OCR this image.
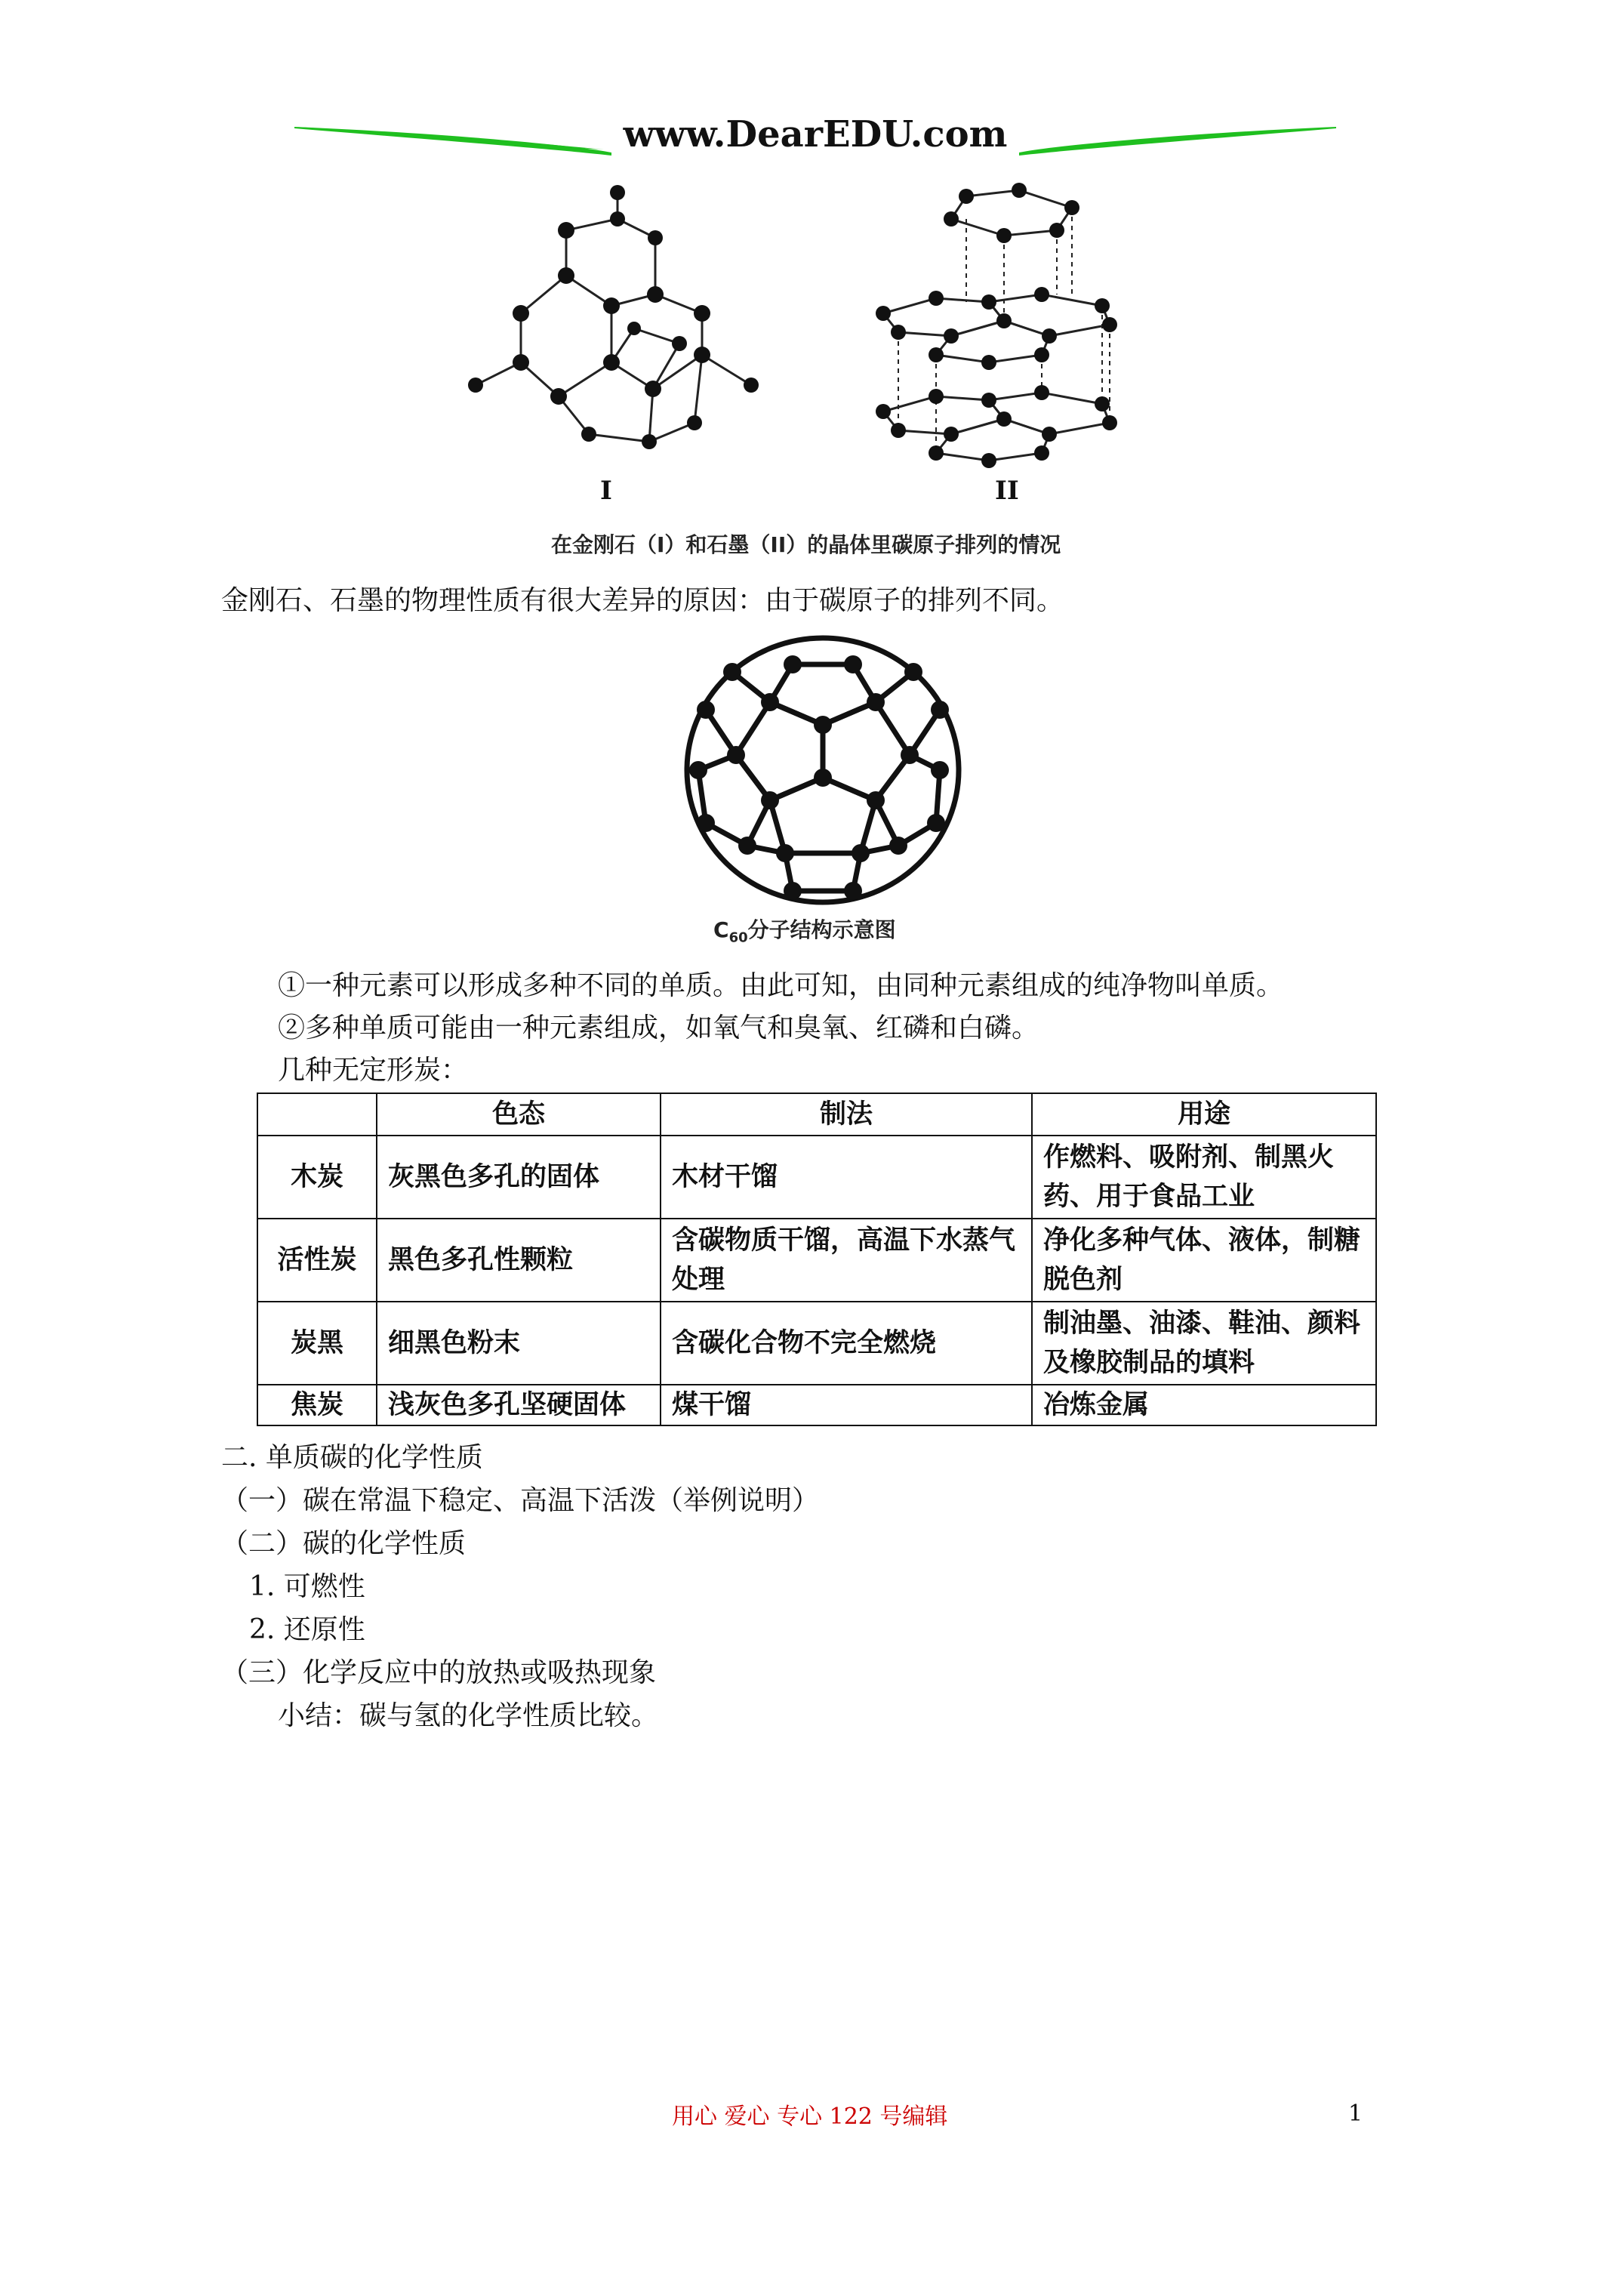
www.DearEDU.com
I	II
在金刚石（I）和石墨（II）的晶体里碳原子排列的情况
金刚石、石墨的物理性质有很大差异的原因：由于碳原子的排列不同。
$C_{60}$分子结构示意图
①一种元素可以形成多种不同的单质。由此可知，由同种元素组成的纯净物叫单质。
②多种单质可能由一种元素组成，如氧气和臭氧、红磷和白磷。
几种无定形炭：
	色态	制法	用途
木炭	灰黑色多孔的固体	木材干馏	作燃料、吸附剂、制黑火药、用于食品工业
活性炭	黑色多孔性颗粒	含碳物质干馏，高温下水蒸气处理	净化多种气体、液体，制糖脱色剂
炭黑	细黑色粉末	含碳化合物不完全燃烧	制油墨、油漆、鞋油、颜料及橡胶制品的填料
焦炭	浅灰色多孔坚硬固体	煤干馏	冶炼金属
二. 单质碳的化学性质
（一）碳在常温下稳定、高温下活泼（举例说明）
（二）碳的化学性质
1. 可燃性
2. 还原性
（三）化学反应中的放热或吸热现象
小结：碳与氢的化学性质比较。
用心 爱心 专心 122 号编辑	1
